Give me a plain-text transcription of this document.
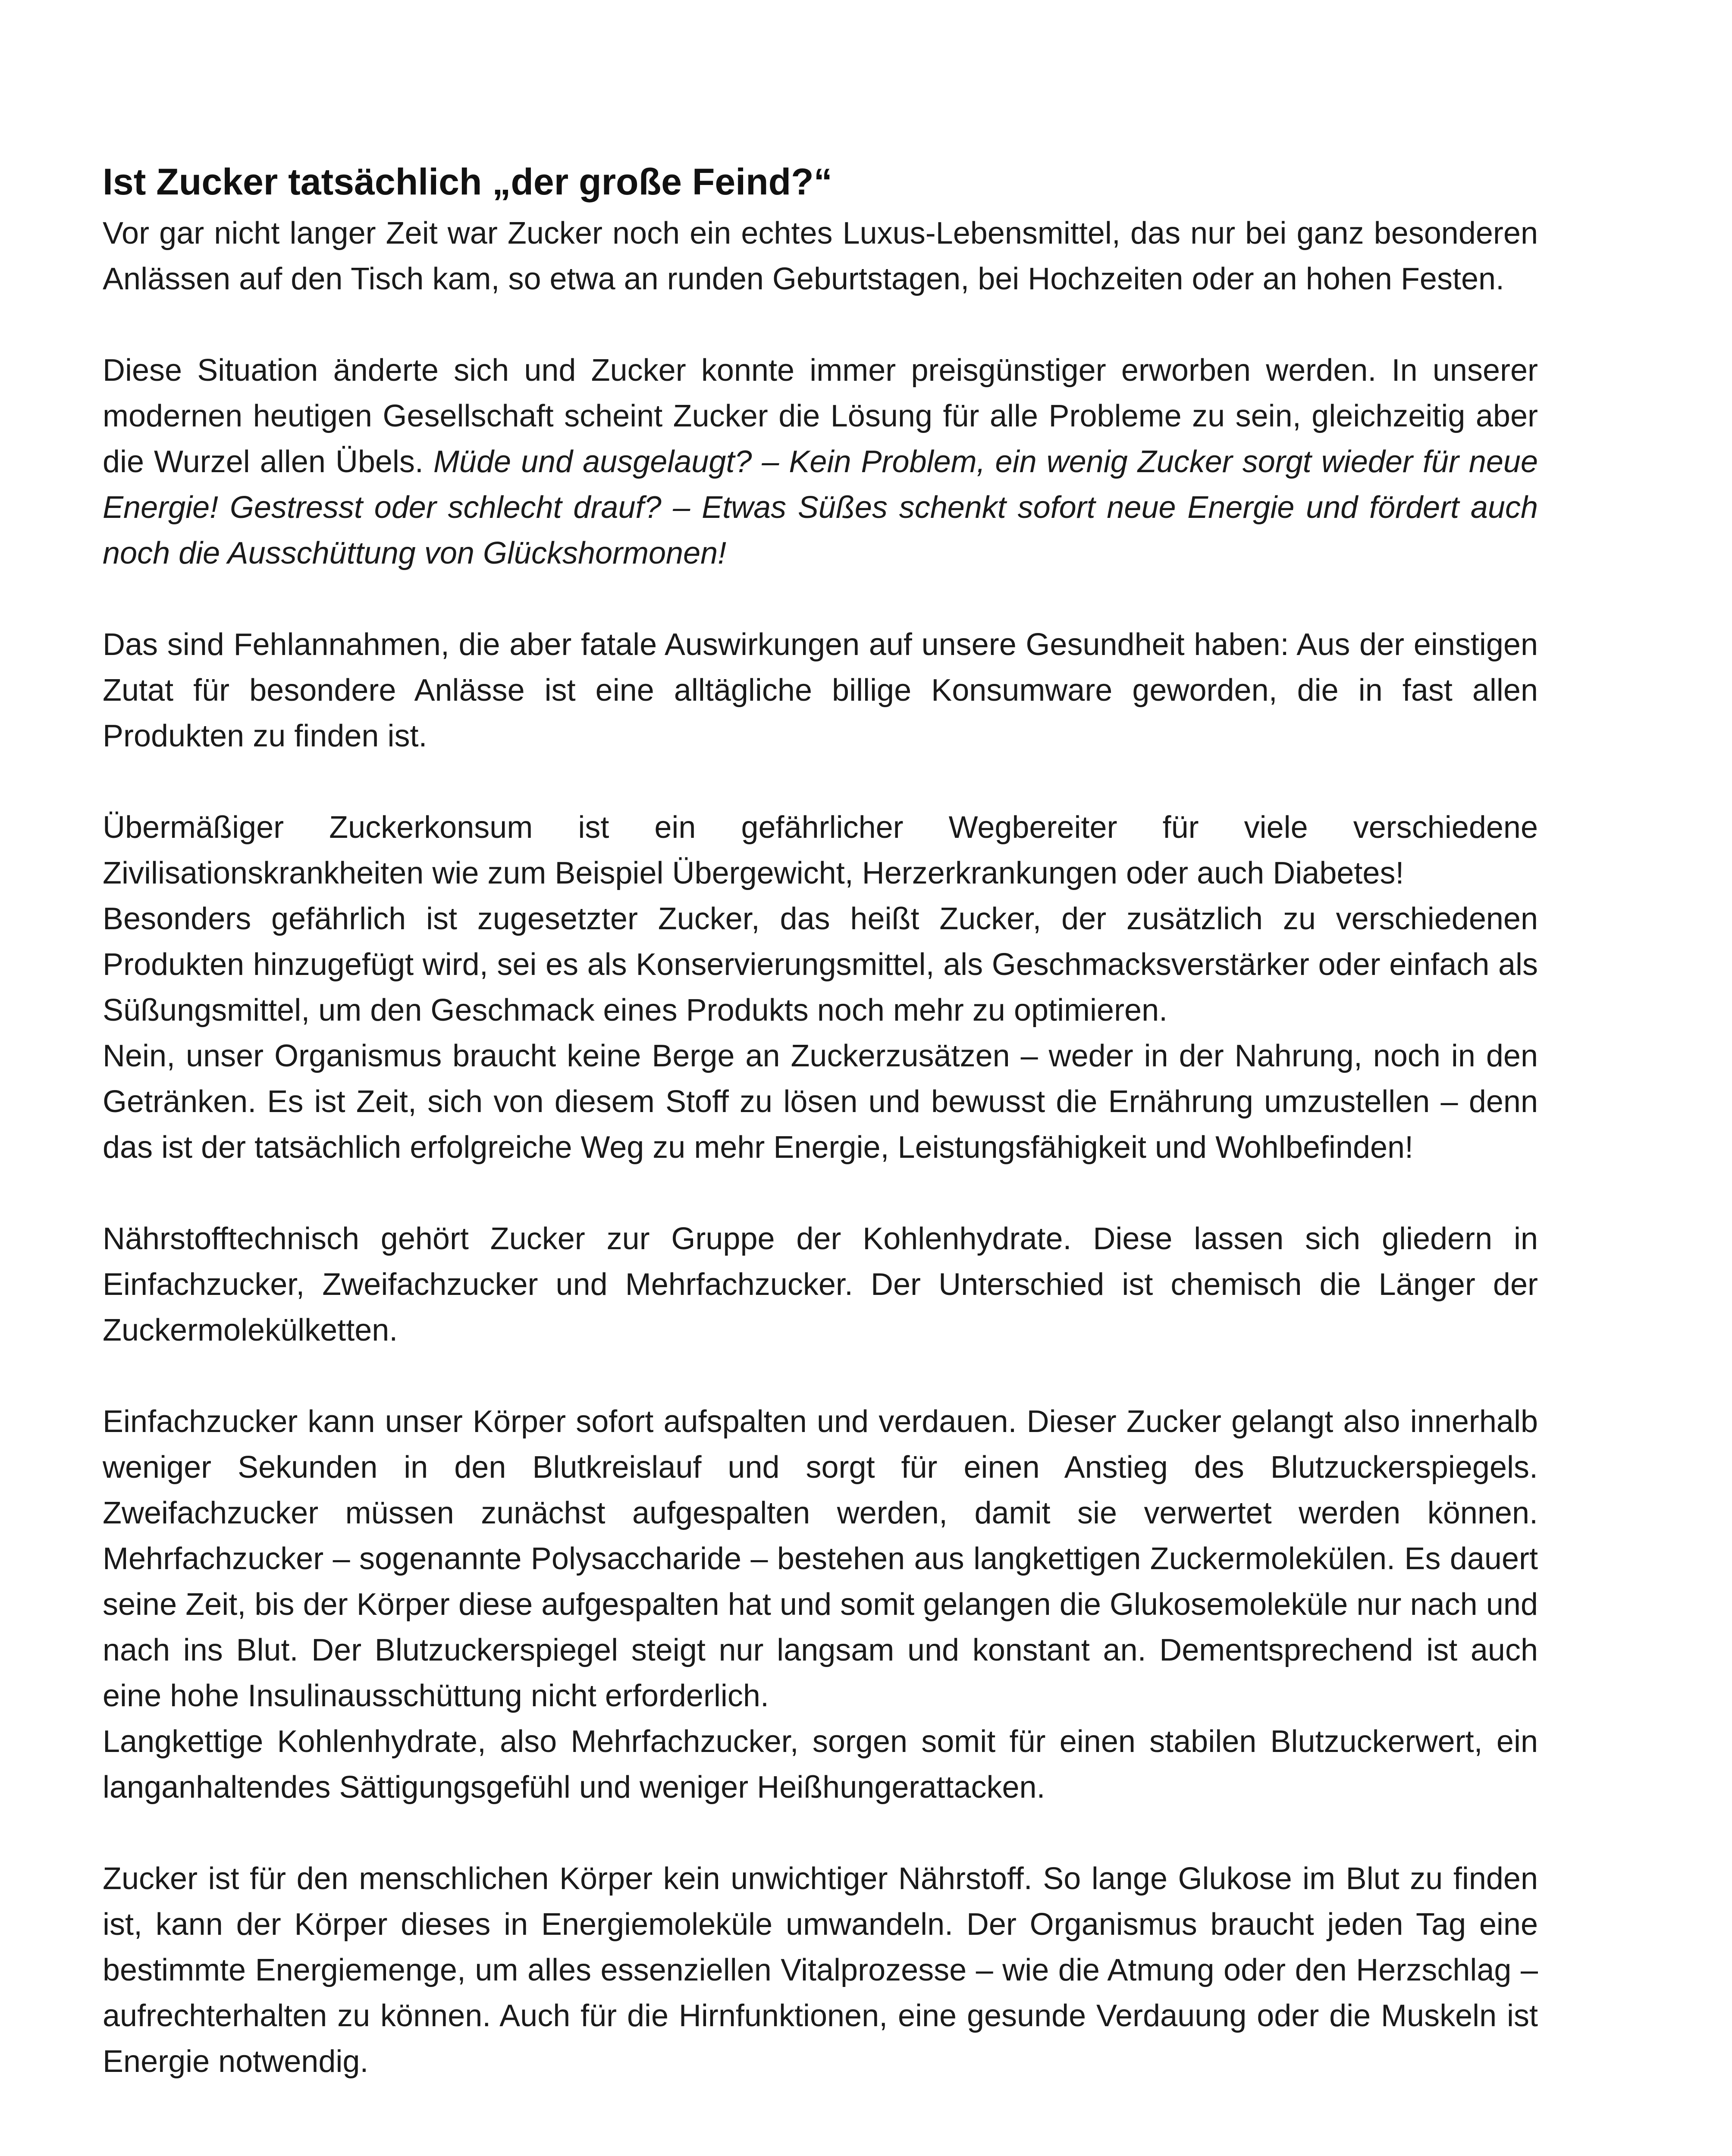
Ist Zucker tatsächlich „der große Feind?“

Vor gar nicht langer Zeit war Zucker noch ein echtes Luxus-Lebensmittel, das nur bei ganz besonderen Anlässen auf den Tisch kam, so etwa an runden Geburtstagen, bei Hochzeiten oder an hohen Festen.

Diese Situation änderte sich und Zucker konnte immer preisgünstiger erworben werden. In unserer modernen heutigen Gesellschaft scheint Zucker die Lösung für alle Probleme zu sein, gleichzeitig aber die Wurzel allen Übels. Müde und ausgelaugt? – Kein Problem, ein wenig Zucker sorgt wieder für neue Energie! Gestresst oder schlecht drauf? – Etwas Süßes schenkt sofort neue Energie und fördert auch noch die Ausschüttung von Glückshormonen!

Das sind Fehlannahmen, die aber fatale Auswirkungen auf unsere Gesundheit haben: Aus der einstigen Zutat für besondere Anlässe ist eine alltägliche billige Konsumware geworden, die in fast allen Produkten zu finden ist.

Übermäßiger Zuckerkonsum ist ein gefährlicher Wegbereiter für viele verschiedene Zivilisationskrankheiten wie zum Beispiel Übergewicht, Herzerkrankungen oder auch Diabetes!

Besonders gefährlich ist zugesetzter Zucker, das heißt Zucker, der zusätzlich zu verschiedenen Produkten hinzugefügt wird, sei es als Konservierungsmittel, als Geschmacksverstärker oder einfach als Süßungsmittel, um den Geschmack eines Produkts noch mehr zu optimieren.

Nein, unser Organismus braucht keine Berge an Zuckerzusätzen – weder in der Nahrung, noch in den Getränken. Es ist Zeit, sich von diesem Stoff zu lösen und bewusst die Ernährung umzustellen – denn das ist der tatsächlich erfolgreiche Weg zu mehr Energie, Leistungsfähigkeit und Wohlbefinden!

Nährstofftechnisch gehört Zucker zur Gruppe der Kohlenhydrate. Diese lassen sich gliedern in Einfachzucker, Zweifachzucker und Mehrfachzucker. Der Unterschied ist chemisch die Länger der Zuckermolekülketten.

Einfachzucker kann unser Körper sofort aufspalten und verdauen. Dieser Zucker gelangt also innerhalb weniger Sekunden in den Blutkreislauf und sorgt für einen Anstieg des Blutzuckerspiegels. Zweifachzucker müssen zunächst aufgespalten werden, damit sie verwertet werden können. Mehrfachzucker – sogenannte Polysaccharide – bestehen aus langkettigen Zuckermolekülen. Es dauert seine Zeit, bis der Körper diese aufgespalten hat und somit gelangen die Glukosemoleküle nur nach und nach ins Blut. Der Blutzuckerspiegel steigt nur langsam und konstant an. Dementsprechend ist auch eine hohe Insulinausschüttung nicht erforderlich.

Langkettige Kohlenhydrate, also Mehrfachzucker, sorgen somit für einen stabilen Blutzuckerwert, ein langanhaltendes Sättigungsgefühl und weniger Heißhungerattacken.

Zucker ist für den menschlichen Körper kein unwichtiger Nährstoff. So lange Glukose im Blut zu finden ist, kann der Körper dieses in Energiemoleküle umwandeln. Der Organismus braucht jeden Tag eine bestimmte Energiemenge, um alles essenziellen Vitalprozesse – wie die Atmung oder den Herzschlag – aufrechterhalten zu können. Auch für die Hirnfunktionen, eine gesunde Verdauung oder die Muskeln ist Energie notwendig.
